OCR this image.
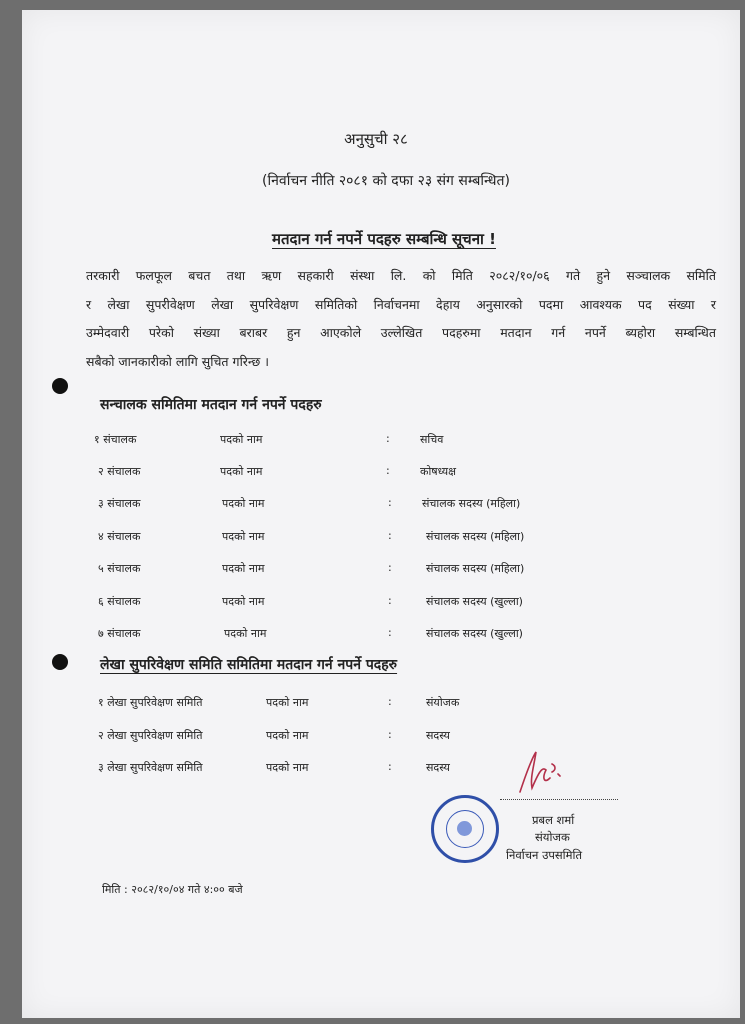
अनुसुची २८
(निर्वाचन नीति २०८१ को दफा २३ संग सम्बन्धित)
मतदान गर्न नपर्ने पदहरु सम्बन्धि सूचना !
तरकारी फलफूल बचत तथा ऋण सहकारी संस्था लि. को मिति २०८२/१०/०६ गते हुने सञ्चालक समिति
र लेखा सुपरीवेक्षण लेखा सुपरिवेक्षण समितिको निर्वाचनमा देहाय अनुसारको पदमा आवश्यक पद संख्या र
उम्मेदवारी परेको संख्या बराबर हुन आएकोले उल्लेखित पदहरुमा मतदान गर्न नपर्ने ब्यहोरा सम्बन्धित
सबैको जानकारीको लागि सुचित गरिन्छ ।
सन्चालक समितिमा मतदान गर्न नपर्ने पदहरु
१ संचालक	पदको नाम	:	सचिव
२ संचालक	पदको नाम	:	कोषध्यक्ष
३ संचालक	पदको नाम	:	संचालक सदस्य (महिला)
४ संचालक	पदको नाम	:	संचालक सदस्य (महिला)
५ संचालक	पदको नाम	:	संचालक सदस्य (महिला)
६ संचालक	पदको नाम	:	संचालक सदस्य (खुल्ला)
७ संचालक	पदको नाम	:	संचालक सदस्य (खुल्ला)
लेखा सुपरिवेक्षण समिति समितिमा मतदान गर्न नपर्ने पदहरु
१ लेखा सुपरिवेक्षण समिति	पदको नाम	:	संयोजक
२ लेखा सुपरिवेक्षण समिति	पदको नाम	:	सदस्य
३ लेखा सुपरिवेक्षण समिति	पदको नाम	:	सदस्य
प्रबल शर्मा
संयोजक
निर्वाचन उपसमिति
मिति : २०८२/१०/०४ गते ४:०० बजे
